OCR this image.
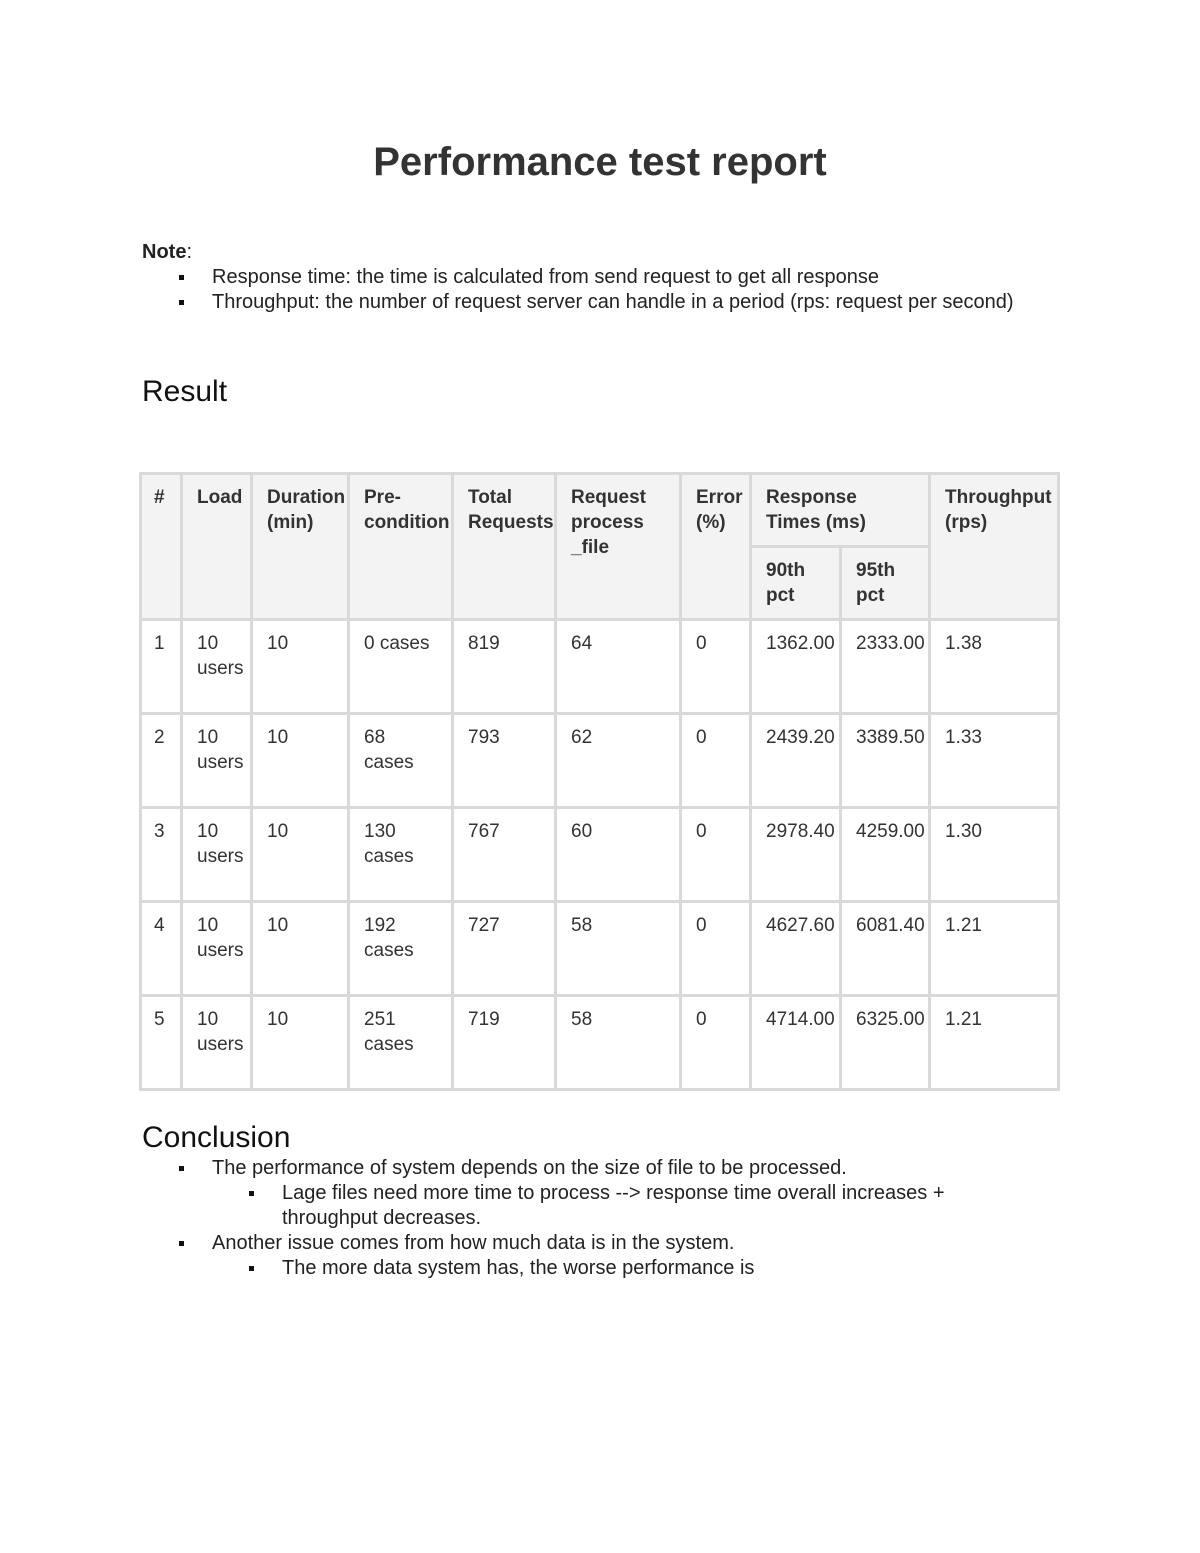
Performance test report
Note:
Response time: the time is calculated from send request to get all response
Throughput: the number of request server can handle in a period (rps: request per second)
Result
#	Load	Duration (min)	Pre-condition	Total Requests	Request process _file	Error (%)	Response Times (ms)		Throughput (rps)
							90th pct	95th pct	
1	10 users	10	0 cases	819	64	0	1362.00	2333.00	1.38
2	10 users	10	68 cases	793	62	0	2439.20	3389.50	1.33
3	10 users	10	130 cases	767	60	0	2978.40	4259.00	1.30
4	10 users	10	192 cases	727	58	0	4627.60	6081.40	1.21
5	10 users	10	251 cases	719	58	0	4714.00	6325.00	1.21
Conclusion
The performance of system depends on the size of file to be processed.
Lage files need more time to process --> response time overall increases + throughput decreases.
Another issue comes from how much data is in the system.
The more data system has, the worse performance is
